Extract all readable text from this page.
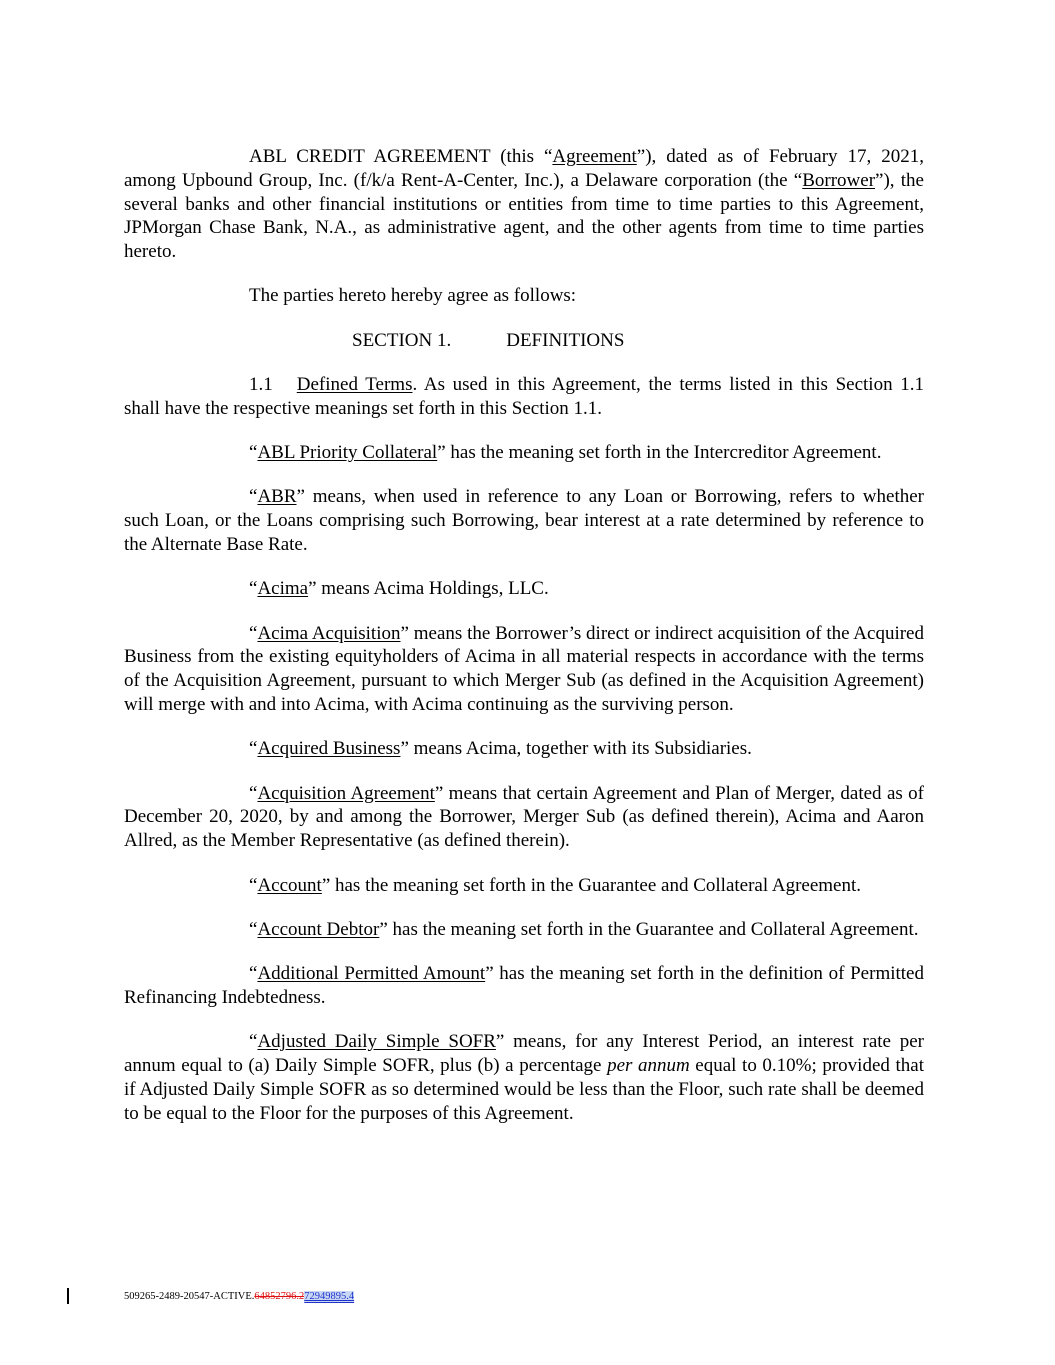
ABL CREDIT AGREEMENT (this “Agreement”), dated as of February 17, 2021, among Upbound Group, Inc. (f/k/a Rent-A-Center, Inc.), a Delaware corporation (the “Borrower”), the several banks and other financial institutions or entities from time to time parties to this Agreement, JPMorgan Chase Bank, N.A., as administrative agent, and the other agents from time to time parties hereto.

The parties hereto hereby agree as follows:

SECTION 1.	DEFINITIONS

1.1 Defined Terms. As used in this Agreement, the terms listed in this Section 1.1 shall have the respective meanings set forth in this Section 1.1.

“ABL Priority Collateral” has the meaning set forth in the Intercreditor Agreement.

“ABR” means, when used in reference to any Loan or Borrowing, refers to whether such Loan, or the Loans comprising such Borrowing, bear interest at a rate determined by reference to the Alternate Base Rate.

“Acima” means Acima Holdings, LLC.

“Acima Acquisition” means the Borrower’s direct or indirect acquisition of the Acquired Business from the existing equityholders of Acima in all material respects in accordance with the terms of the Acquisition Agreement, pursuant to which Merger Sub (as defined in the Acquisition Agreement) will merge with and into Acima, with Acima continuing as the surviving person.

“Acquired Business” means Acima, together with its Subsidiaries.

“Acquisition Agreement” means that certain Agreement and Plan of Merger, dated as of December 20, 2020, by and among the Borrower, Merger Sub (as defined therein), Acima and Aaron Allred, as the Member Representative (as defined therein).

“Account” has the meaning set forth in the Guarantee and Collateral Agreement.

“Account Debtor” has the meaning set forth in the Guarantee and Collateral Agreement.

“Additional Permitted Amount” has the meaning set forth in the definition of Permitted Refinancing Indebtedness.

“Adjusted Daily Simple SOFR” means, for any Interest Period, an interest rate per annum equal to (a) Daily Simple SOFR, plus (b) a percentage per annum equal to 0.10%; provided that if Adjusted Daily Simple SOFR as so determined would be less than the Floor, such rate shall be deemed to be equal to the Floor for the purposes of this Agreement.

509265-2489-20547-ACTIVE.64852796.272949895.4
